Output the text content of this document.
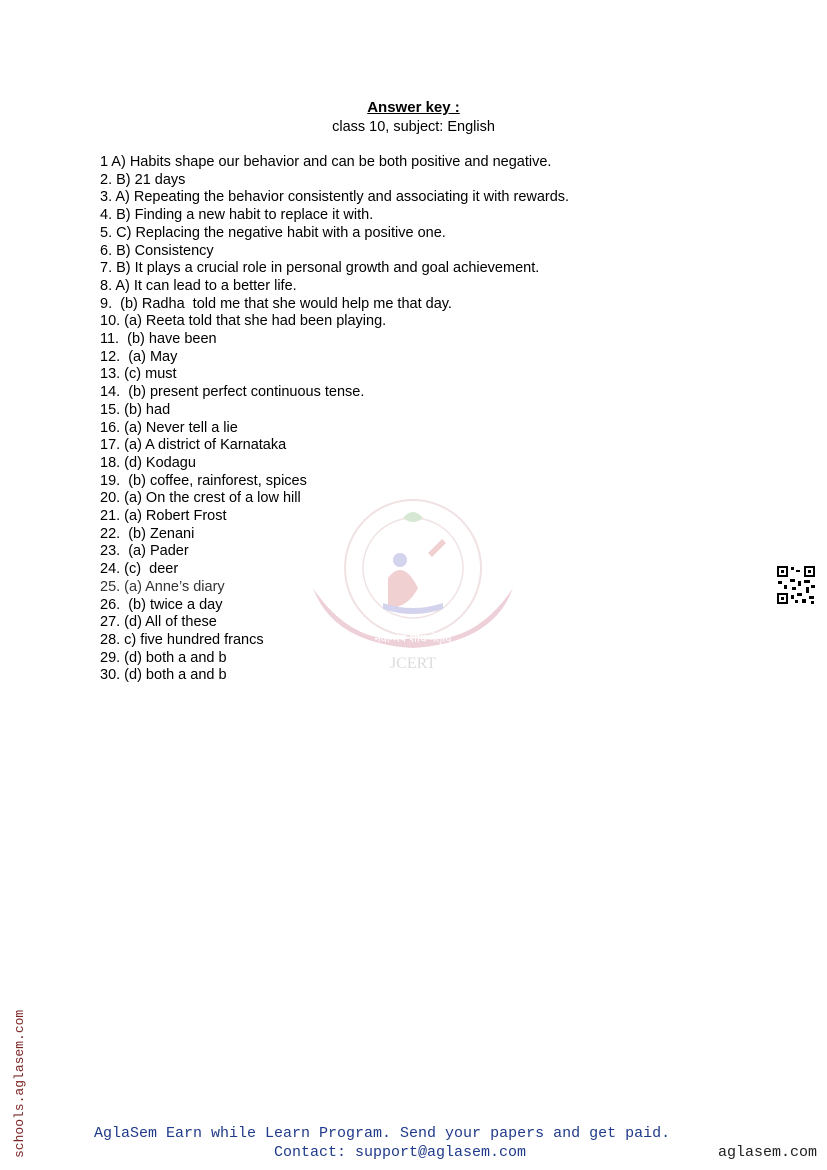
Answer key :
class 10, subject: English
1 A) Habits shape our behavior and can be both positive and negative.
2. B) 21 days
3. A) Repeating the behavior consistently and associating it with rewards.
4. B) Finding a new habit to replace it with.
5. C) Replacing the negative habit with a positive one.
6. B) Consistency
7. B) It plays a crucial role in personal growth and goal achievement.
8. A) It can lead to a better life.
9.  (b) Radha  told me that she would help me that day.
10. (a) Reeta told that she had been playing.
11.  (b) have been
12.  (a) May
13. (c) must
14.  (b) present perfect continuous tense.
15. (b) had
16. (a) Never tell a lie
17. (a) A district of Karnataka
18. (d) Kodagu
19.  (b) coffee, rainforest, spices
20. (a) On the crest of a low hill
21. (a) Robert Frost
22.  (b) Zenani
23.  (a) Pader
24. (c)  deer
25. (a) Anne’s diary
26.  (b) twice a day
27. (d) All of these
28. c) five hundred francs
29. (d) both a and b
30. (d) both a and b
नवोन्मेष शोध नेतृत्व
JCERT
schools.aglasem.com	AglaSem Earn while Learn Program. Send your papers and get paid.
Contact: support@aglasem.com	aglasem.com
